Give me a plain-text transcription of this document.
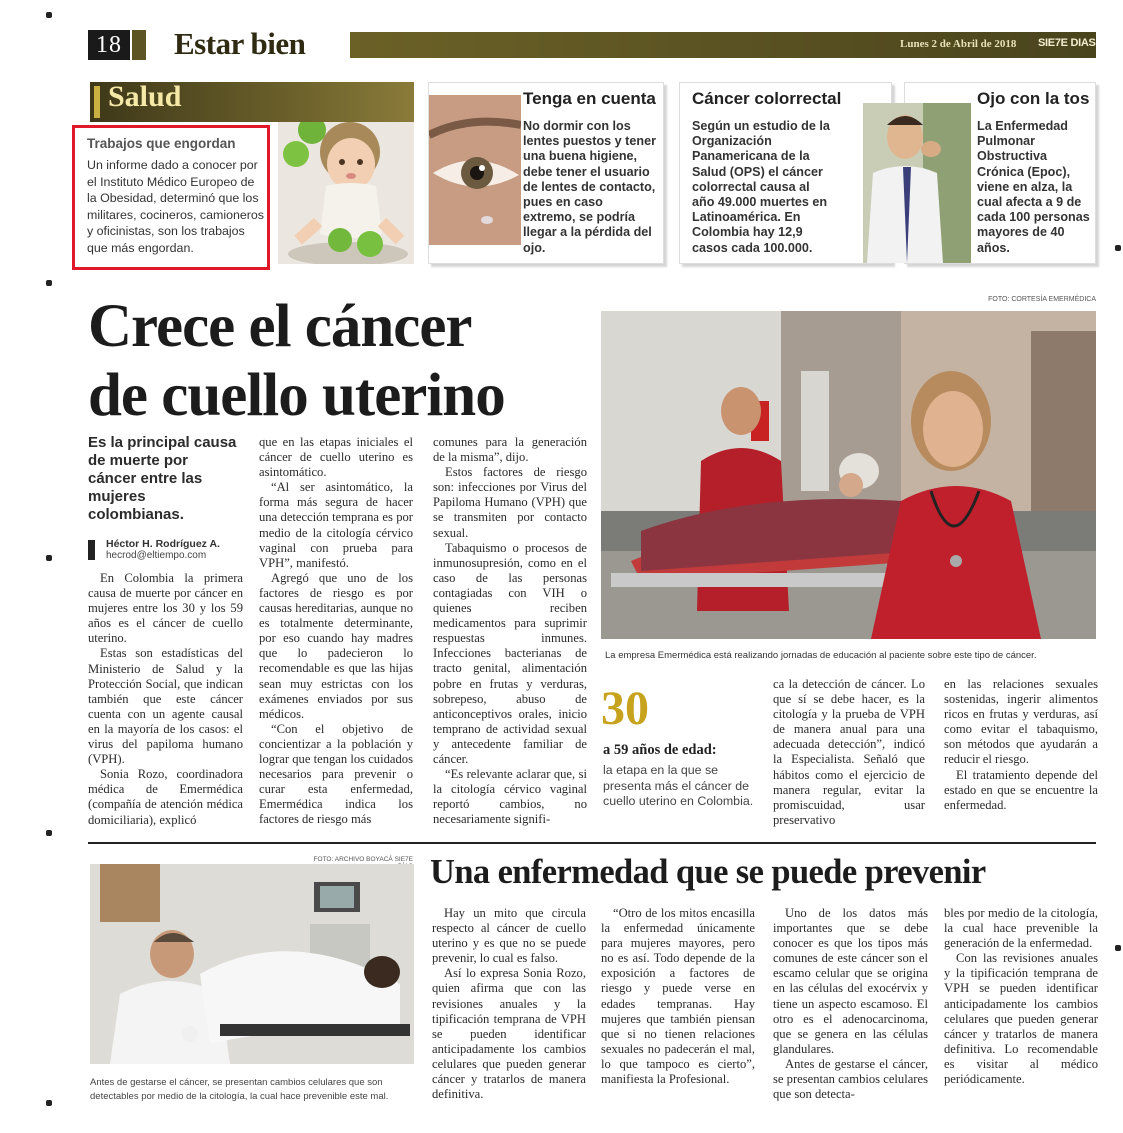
18 Estar bien	Lunes 2 de Abril de 2018 SIE7E DIAS
Salud
Trabajos que engordan
Un informe dado a conocer por el Instituto Médico Europeo de la Obesidad, determinó que los militares, cocineros, camioneros y oficinistas, son los trabajos que más engordan.
Tenga en cuenta
No dormir con los lentes puestos y tener una buena higiene, debe tener el usuario de lentes de contacto, pues en caso extremo, se podría llegar a la pérdida del ojo.
Cáncer colorrectal
Según un estudio de la Organización Panamericana de la Salud (OPS) el cáncer colorrectal causa al año 49.000 muertes en Latinoamérica. En Colombia hay 12,9 casos cada 100.000.
Ojo con la tos
La Enfermedad Pulmonar Obstructiva Crónica (Epoc), viene en alza, la cual afecta a 9 de cada 100 personas mayores de 40 años.
Crece el cáncer
de cuello uterino
Es la principal causa de muerte por cáncer entre las mujeres colombianas.
Héctor H. Rodríguez A.
hecrod@eltiempo.com

En Colombia la primera causa de muerte por cáncer en mujeres entre los 30 y los 59 años es el cáncer de cuello uterino.

Estas son estadísticas del Ministerio de Salud y la Protección Social, que indican también que este cáncer cuenta con un agente causal en la mayoría de los casos: el virus del papiloma humano (VPH).

Sonia Rozo, coordinadora médica de Emermédica (compañía de atención médica domiciliaria), explicó

que en las etapas iniciales el cáncer de cuello uterino es asintomático.

“Al ser asintomático, la forma más segura de hacer una detección temprana es por medio de la citología cérvico vaginal con prueba para VPH”, manifestó.

Agregó que uno de los factores de riesgo es por causas hereditarias, aunque no es totalmente determinante, por eso cuando hay madres que lo padecieron lo recomendable es que las hijas sean muy estrictas con los exámenes enviados por sus médicos.

“Con el objetivo de concientizar a la población y lograr que tengan los cuidados necesarios para prevenir o curar esta enfermedad, Emermédica indica los factores de riesgo más

comunes para la generación de la misma”, dijo.

Estos factores de riesgo son: infecciones por Virus del Papiloma Humano (VPH) que se transmiten por contacto sexual.

Tabaquismo o procesos de inmunosupresión, como en el caso de las personas contagiadas con VIH o quienes reciben medicamentos para suprimir respuestas inmunes. Infecciones bacterianas de tracto genital, alimentación pobre en frutas y verduras, sobrepeso, abuso de anticonceptivos orales, inicio temprano de actividad sexual y antecedente familiar de cáncer.

“Es relevante aclarar que, si la citología cérvico vaginal reportó cambios, no necesariamente signifi-

FOTO: CORTESÍA EMERMÉDICA
La empresa Emermédica está realizando jornadas de educación al paciente sobre este tipo de cáncer.
30
a 59 años de edad:
la etapa en la que se presenta más el cáncer de cuello uterino en Colombia.
ca la detección de cáncer. Lo que sí se debe hacer, es la citología y la prueba de VPH de manera anual para una adecuada detección”, indicó la Especialista. Señaló que hábitos como el ejercicio de manera regular, evitar la promiscuidad, usar preservativo
en las relaciones sexuales sostenidas, ingerir alimentos ricos en frutas y verduras, así como evitar el tabaquismo, son métodos que ayudarán a reducir el riesgo.

El tratamiento depende del estado en que se encuentre la enfermedad.

FOTO: ARCHIVO BOYACÁ SIE7E
Antes de gestarse el cáncer, se presentan cambios celulares que son detectables por medio de la citología, la cual hace prevenible este mal.
Una enfermedad que se puede prevenir

Hay un mito que circula respecto al cáncer de cuello uterino y es que no se puede prevenir, lo cual es falso.

Así lo expresa Sonia Rozo, quien afirma que con las revisiones anuales y la tipificación temprana de VPH se pueden identificar anticipadamente los cambios celulares que pueden generar cáncer y tratarlos de manera definitiva.

“Otro de los mitos encasilla la enfermedad únicamente para mujeres mayores, pero no es así. Todo depende de la exposición a factores de riesgo y puede verse en edades tempranas. Hay mujeres que también piensan que si no tienen relaciones sexuales no padecerán el mal, lo que tampoco es cierto”, manifiesta la Profesional.

Uno de los datos más importantes que se debe conocer es que los tipos más comunes de este cáncer son el escamo celular que se origina en las células del exocérvix y tiene un aspecto escamoso. El otro es el adenocarcinoma, que se genera en las células glandulares.

Antes de gestarse el cáncer, se presentan cambios celulares que son detecta-

bles por medio de la citología, la cual hace prevenible la generación de la enfermedad.

Con las revisiones anuales y la tipificación temprana de VPH se pueden identificar anticipadamente los cambios celulares que pueden generar cáncer y tratarlos de manera definitiva. Lo recomendable es visitar al médico periódicamente.
